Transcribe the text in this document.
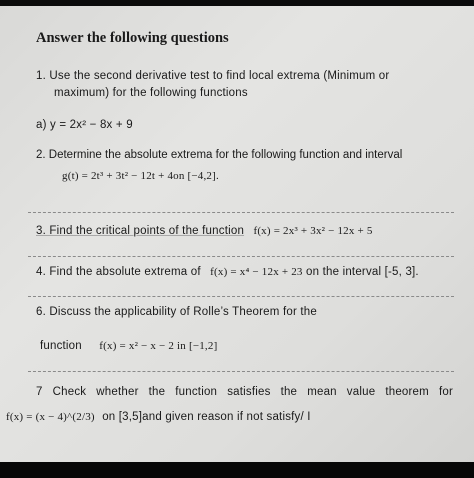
Answer the following questions
1. Use the second derivative test to find local extrema (Minimum or
maximum) for the following functions
a) y = 2x² − 8x + 9
2. Determine the absolute extrema for the following function and interval
g(t) = 2t³ + 3t² − 12t + 4on [−4,2].
3. Find the critical points of the function f(x) = 2x³ + 3x² − 12x + 5
4. Find the absolute extrema of f(x) = x⁴ − 12x + 23 on the interval [-5, 3].
6. Discuss the applicability of Rolle’s Theorem for the
function f(x) = x² − x − 2 in [−1,2]
7 Check whether the function satisfies the mean value theorem for
f(x) = (x − 4)^(2/3) on [3,5]and given reason if not satisfy/ I
